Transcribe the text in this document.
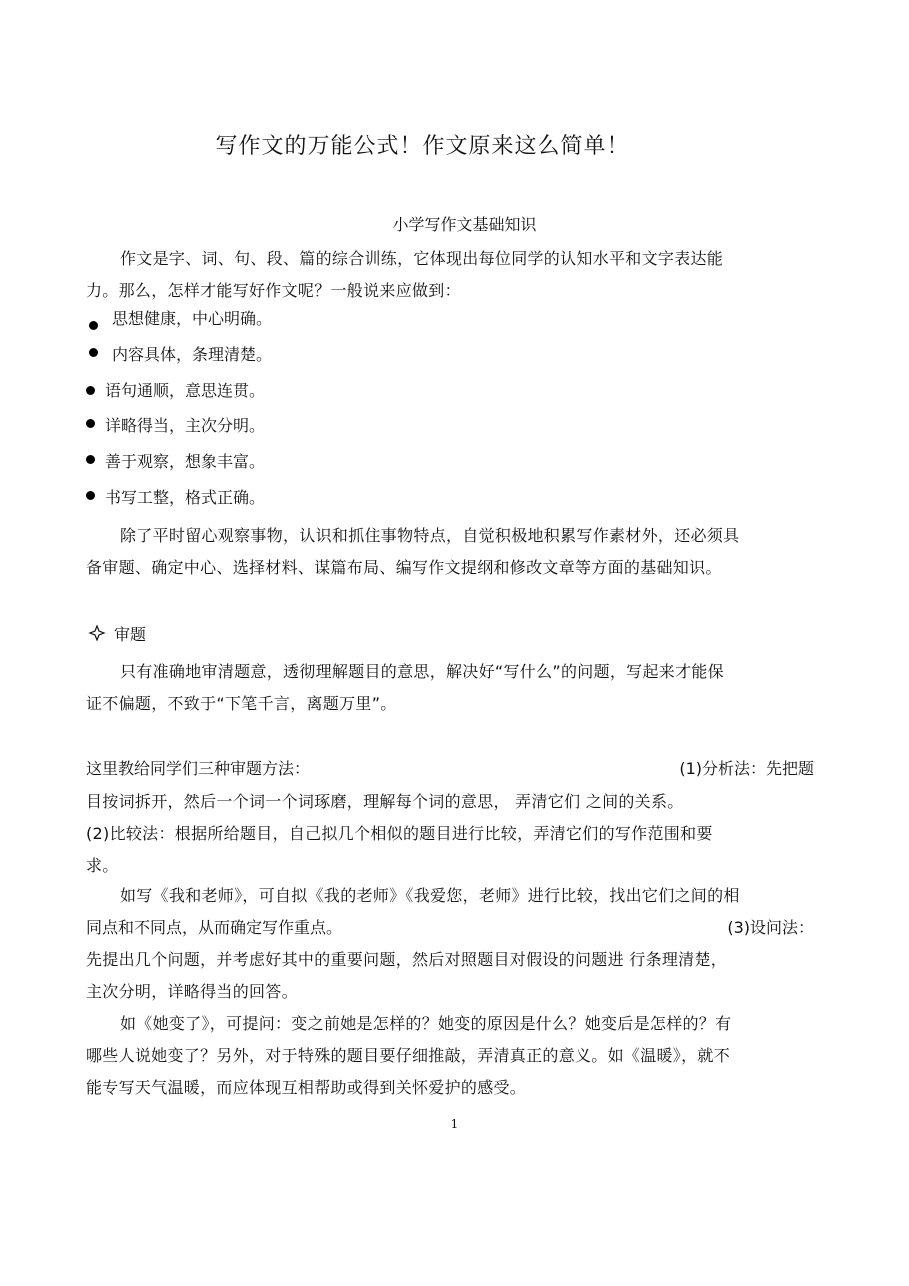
写作文的万能公式！作文原来这么简单！
小学写作文基础知识
作文是字、词、句、段、篇的综合训练，它体现出每位同学的认知水平和文字表达能
力。那么，怎样才能写好作文呢？一般说来应做到：
思想健康，中心明确。
内容具体，条理清楚。
语句通顺，意思连贯。
详略得当，主次分明。
善于观察，想象丰富。
书写工整，格式正确。
除了平时留心观察事物，认识和抓住事物特点，自觉积极地积累写作素材外，还必须具
备审题、确定中心、选择材料、谋篇布局、编写作文提纲和修改文章等方面的基础知识。
审题
只有准确地审清题意，透彻理解题目的意思，解决好“写什么”的问题，写起来才能保
证不偏题，不致于“下笔千言，离题万里”。
这里教给同学们三种审题方法：	(1)分析法：先把题
目按词拆开，然后一个词一个词琢磨，理解每个词的意思， 弄清它们 之间的关系。
(2)比较法：根据所给题目，自己拟几个相似的题目进行比较，弄清它们的写作范围和要
求。
如写《我和老师》，可自拟《我的老师》《我爱您，老师》进行比较，找出它们之间的相
同点和不同点，从而确定写作重点。	(3)设问法：
先提出几个问题，并考虑好其中的重要问题，然后对照题目对假设的问题进 行条理清楚，
主次分明，详略得当的回答。
如《她变了》，可提问：变之前她是怎样的？她变的原因是什么？她变后是怎样的？有
哪些人说她变了？另外，对于特殊的题目要仔细推敲，弄清真正的意义。如《温暖》，就不
能专写天气温暖，而应体现互相帮助或得到关怀爱护的感受。
1
